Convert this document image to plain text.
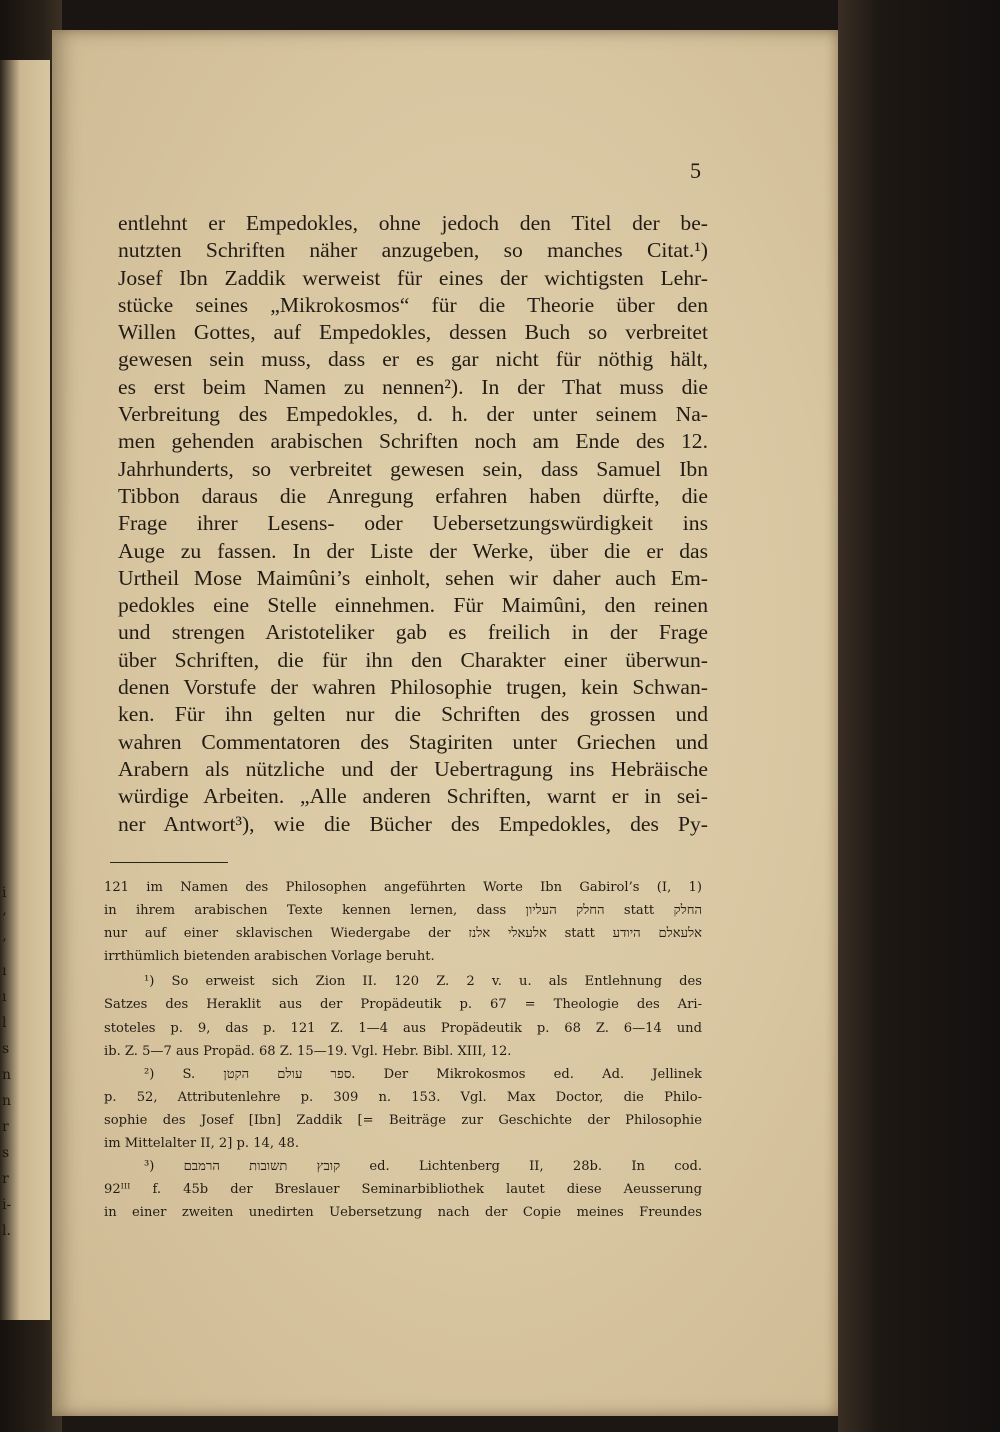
i
’
’
ı
ı
l
s
n
n
r
s
r
i-
l.
5
entlehnt er Empedokles, ohne jedoch den Titel der be-
nutzten Schriften näher anzugeben, so manches Citat.¹)
Josef Ibn Zaddik werweist für eines der wichtigsten Lehr-
stücke seines „Mikrokosmos“ für die Theorie über den
Willen Gottes, auf Empedokles, dessen Buch so verbreitet
gewesen sein muss, dass er es gar nicht für nöthig hält,
es erst beim Namen zu nennen²). In der That muss die
Verbreitung des Empedokles, d. h. der unter seinem Na-
men gehenden arabischen Schriften noch am Ende des 12.
Jahrhunderts, so verbreitet gewesen sein, dass Samuel Ibn
Tibbon daraus die Anregung erfahren haben dürfte, die
Frage ihrer Lesens- oder Uebersetzungswürdigkeit ins
Auge zu fassen. In der Liste der Werke, über die er das
Urtheil Mose Maimûni’s einholt, sehen wir daher auch Em-
pedokles eine Stelle einnehmen. Für Maimûni, den reinen
und strengen Aristoteliker gab es freilich in der Frage
über Schriften, die für ihn den Charakter einer überwun-
denen Vorstufe der wahren Philosophie trugen, kein Schwan-
ken. Für ihn gelten nur die Schriften des grossen und
wahren Commentatoren des Stagiriten unter Griechen und
Arabern als nützliche und der Uebertragung ins Hebräische
würdige Arbeiten. „Alle anderen Schriften, warnt er in sei-
ner Antwort³), wie die Bücher des Empedokles, des Py-
121 im Namen des Philosophen angeführten Worte Ibn Gabirol’s (I, 1)
in ihrem arabischen Texte kennen lernen, dass החלק העליון statt החלק
nur auf einer sklavischen Wiedergabe der אלעאלי אלנז statt אלעאלם היודע
irrthümlich bietenden arabischen Vorlage beruht.
¹) So erweist sich Zion II. 120 Z. 2 v. u. als Entlehnung des
Satzes des Heraklit aus der Propädeutik p. 67 = Theologie des Ari-
stoteles p. 9, das p. 121 Z. 1—4 aus Propädeutik p. 68 Z. 6—14 und
ib. Z. 5—7 aus Propäd. 68 Z. 15—19. Vgl. Hebr. Bibl. XIII, 12.
²) S. ספר עולם הקטן. Der Mikrokosmos ed. Ad. Jellinek
p. 52, Attributenlehre p. 309 n. 153. Vgl. Max Doctor, die Philo-
sophie des Josef [Ibn] Zaddik [= Beiträge zur Geschichte der Philosophie
im Mittelalter II, 2] p. 14, 48.
³) קובץ תשובות הרמבם ed. Lichtenberg II, 28b. In cod.
92ᴵᴵᴵ f. 45b der Breslauer Seminarbibliothek lautet diese Aeusserung
in einer zweiten unedirten Uebersetzung nach der Copie meines Freundes
